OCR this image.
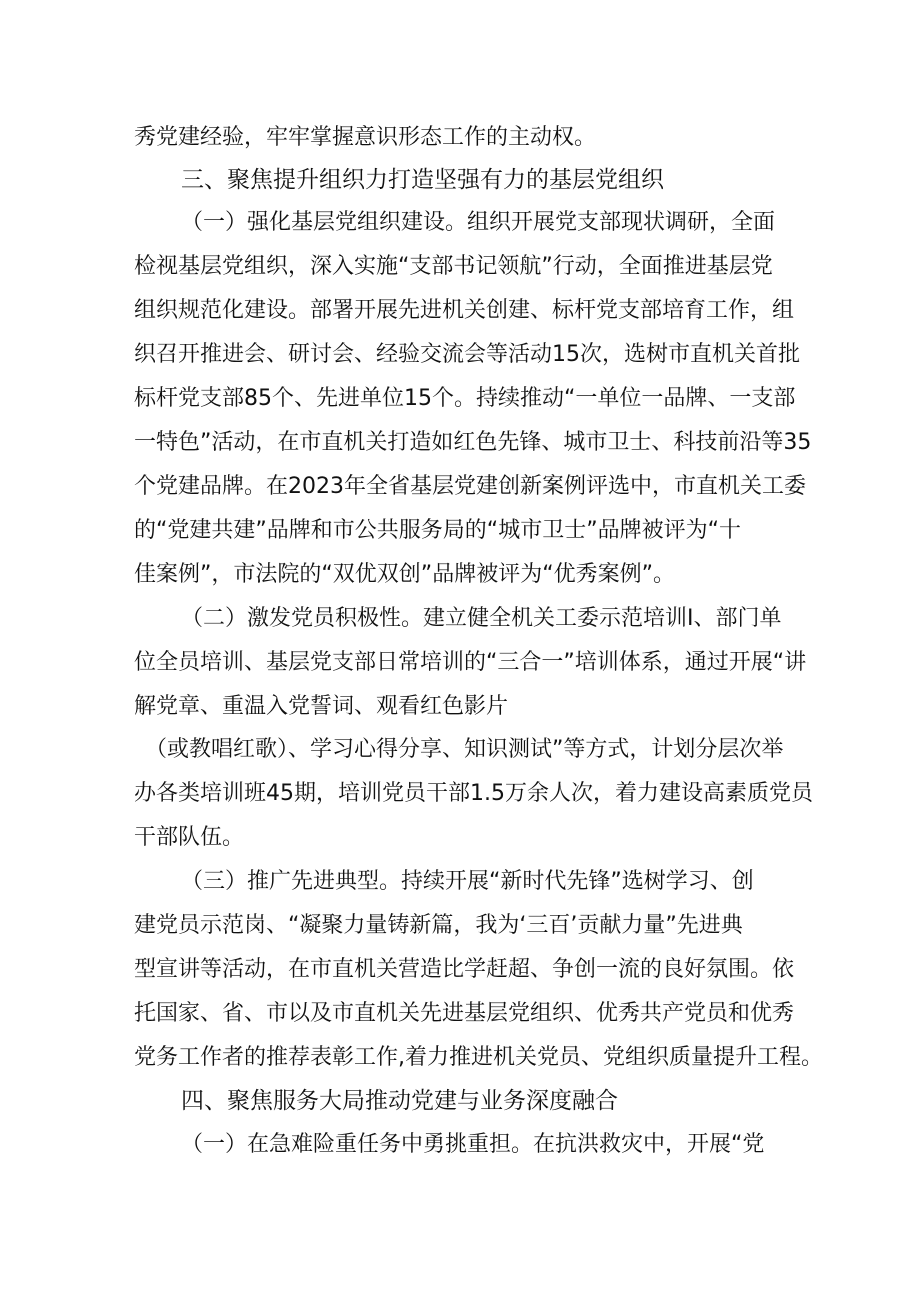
秀党建经验，牢牢掌握意识形态工作的主动权。
三、聚焦提升组织力打造坚强有力的基层党组织
（一）强化基层党组织建设。组织开展党支部现状调研，全面
检视基层党组织，深入实施“支部书记领航”行动，全面推进基层党
组织规范化建设。部署开展先进机关创建、标杆党支部培育工作，组
织召开推进会、研讨会、经验交流会等活动15次，选树市直机关首批
标杆党支部85个、先进单位15个。持续推动“一单位一品牌、一支部
一特色”活动，在市直机关打造如红色先锋、城市卫士、科技前沿等35
个党建品牌。在2023年全省基层党建创新案例评选中，市直机关工委
的“党建共建”品牌和市公共服务局的“城市卫士”品牌被评为“十
佳案例”，市法院的“双优双创”品牌被评为“优秀案例”。
（二）激发党员积极性。建立健全机关工委示范培训I、部门单
位全员培训、基层党支部日常培训的“三合一”培训体系，通过开展“讲
解党章、重温入党誓词、观看红色影片
（或教唱红歌）、学习心得分享、知识测试”等方式，计划分层次举
办各类培训班45期，培训党员干部1.5万余人次，着力建设高素质党员
干部队伍。
（三）推广先进典型。持续开展“新时代先锋”选树学习、创
建党员示范岗、“凝聚力量铸新篇，我为‘三百’贡献力量”先进典
型宣讲等活动，在市直机关营造比学赶超、争创一流的良好氛围。依
托国家、省、市以及市直机关先进基层党组织、优秀共产党员和优秀
党务工作者的推荐表彰工作,着力推进机关党员、党组织质量提升工程。
四、聚焦服务大局推动党建与业务深度融合
（一）在急难险重任务中勇挑重担。在抗洪救灾中，开展“党
